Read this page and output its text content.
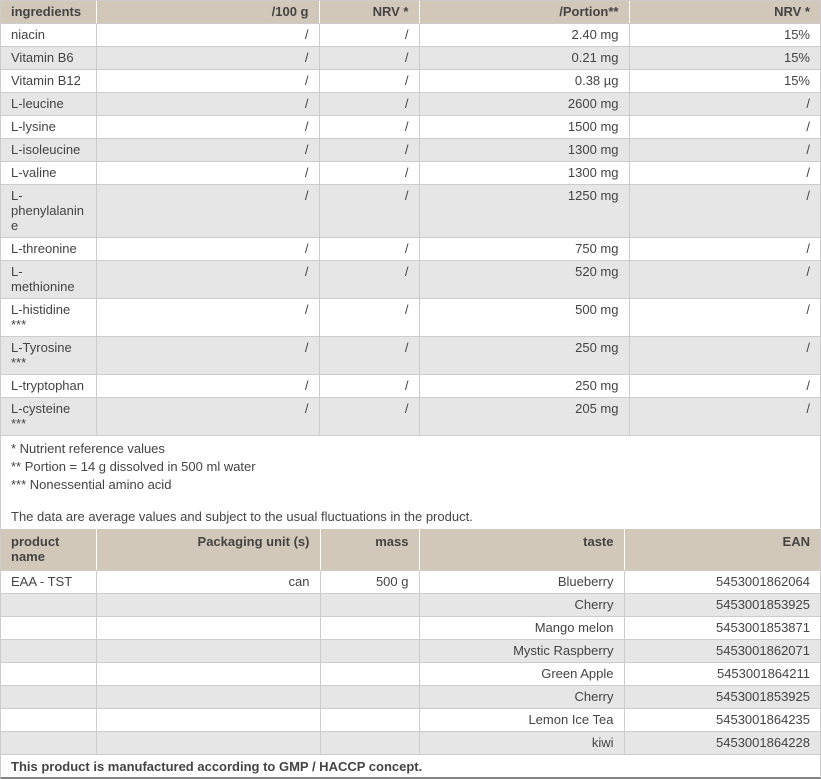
ingredients	/100 g	NRV *	/Portion**	NRV *
niacin	/	/	2.40 mg	15%
Vitamin B6	/	/	0.21 mg	15%
Vitamin B12	/	/	0.38 µg	15%
L-leucine	/	/	2600 mg	/
L-lysine	/	/	1500 mg	/
L-isoleucine	/	/	1300 mg	/
L-valine	/	/	1300 mg	/
L-phenylalanine	/	/	1250 mg	/
L-threonine	/	/	750 mg	/
L-methionine	/	/	520 mg	/
L-histidine ***	/	/	500 mg	/
L-Tyrosine ***	/	/	250 mg	/
L-tryptophan	/	/	250 mg	/
L-cysteine ***	/	/	205 mg	/
* Nutrient reference values
** Portion = 14 g dissolved in 500 ml water
*** Nonessential amino acid
The data are average values and subject to the usual fluctuations in the product.
product name	Packaging unit (s)	mass	taste	EAN
EAA - TST	can	500 g	Blueberry	5453001862064
			Cherry	5453001853925
			Mango melon	5453001853871
			Mystic Raspberry	5453001862071
			Green Apple	5453001864211
			Cherry	5453001853925
			Lemon Ice Tea	5453001864235
			kiwi	5453001864228
This product is manufactured according to GMP / HACCP concept.
